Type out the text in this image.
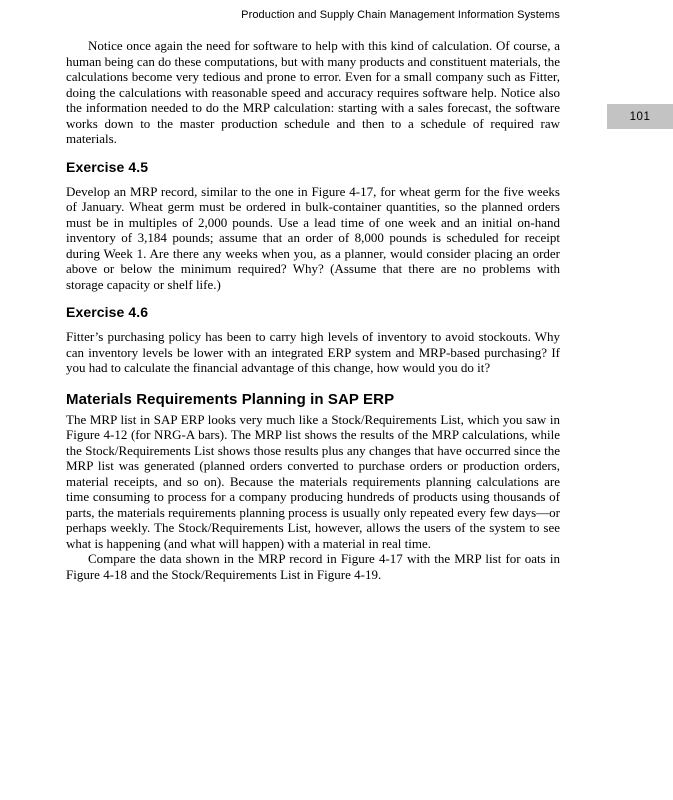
101
Production and Supply Chain Management Information Systems

Notice once again the need for software to help with this kind of calculation. Of course, a human being can do these computations, but with many products and constituent materials, the calculations become very tedious and prone to error. Even for a small company such as Fitter, doing the calculations with reasonable speed and accuracy requires software help. Notice also the information needed to do the MRP calculation: starting with a sales forecast, the software works down to the master production schedule and then to a schedule of required raw materials.

Exercise 4.5

Develop an MRP record, similar to the one in Figure 4-17, for wheat germ for the five weeks of January. Wheat germ must be ordered in bulk-container quantities, so the planned orders must be in multiples of 2,000 pounds. Use a lead time of one week and an initial on-hand inventory of 3,184 pounds; assume that an order of 8,000 pounds is scheduled for receipt during Week 1. Are there any weeks when you, as a planner, would consider placing an order above or below the minimum required? Why? (Assume that there are no problems with storage capacity or shelf life.)

Exercise 4.6

Fitter’s purchasing policy has been to carry high levels of inventory to avoid stockouts. Why can inventory levels be lower with an integrated ERP system and MRP-based purchasing? If you had to calculate the financial advantage of this change, how would you do it?

Materials Requirements Planning in SAP ERP

The MRP list in SAP ERP looks very much like a Stock/Requirements List, which you saw in Figure 4-12 (for NRG-A bars). The MRP list shows the results of the MRP calculations, while the Stock/Requirements List shows those results plus any changes that have occurred since the MRP list was generated (planned orders converted to purchase orders or production orders, material receipts, and so on). Because the materials requirements planning calculations are time consuming to process for a company producing hundreds of products using thousands of parts, the materials requirements planning process is usually only repeated every few days—or perhaps weekly. The Stock/Requirements List, however, allows the users of the system to see what is happening (and what will happen) with a material in real time.

Compare the data shown in the MRP record in Figure 4-17 with the MRP list for oats in Figure 4-18 and the Stock/Requirements List in Figure 4-19.
